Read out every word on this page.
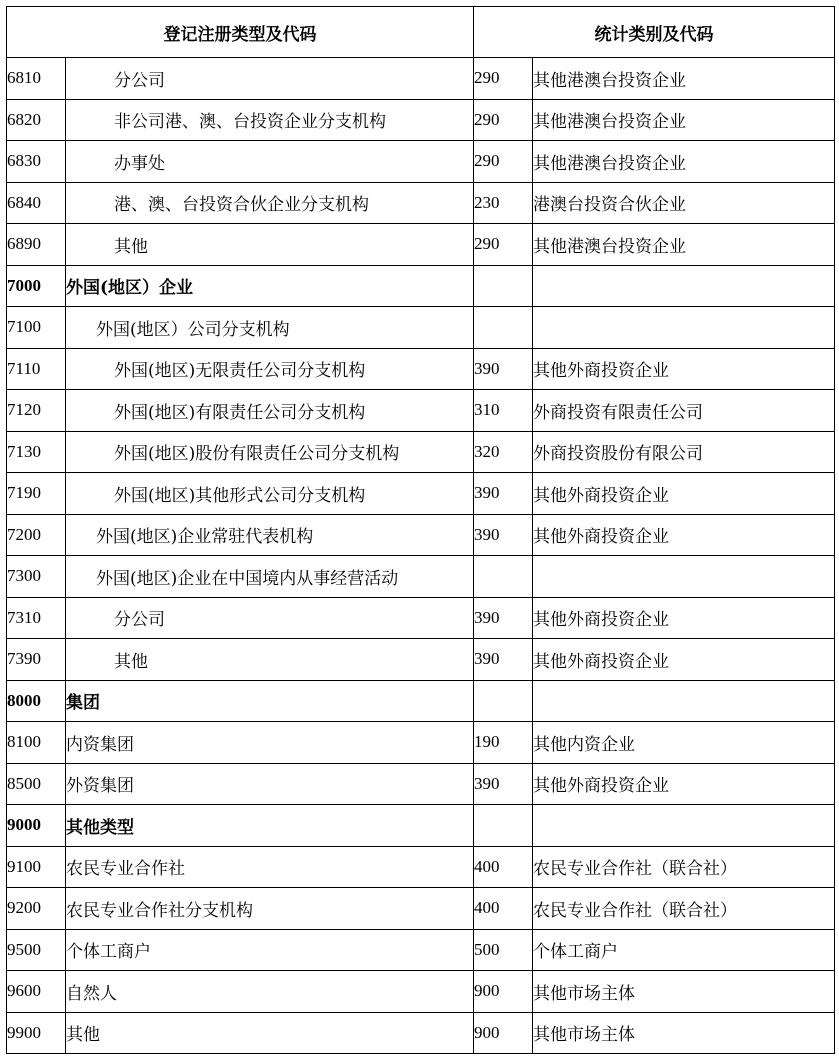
登记注册类型及代码		统计类别及代码	
6810	分公司	290	其他港澳台投资企业
6820	非公司港、澳、台投资企业分支机构	290	其他港澳台投资企业
6830	办事处	290	其他港澳台投资企业
6840	港、澳、台投资合伙企业分支机构	230	港澳台投资合伙企业
6890	其他	290	其他港澳台投资企业
7000	外国(地区）企业		
7100	外国(地区）公司分支机构		
7110	外国(地区)无限责任公司分支机构	390	其他外商投资企业
7120	外国(地区)有限责任公司分支机构	310	外商投资有限责任公司
7130	外国(地区)股份有限责任公司分支机构	320	外商投资股份有限公司
7190	外国(地区)其他形式公司分支机构	390	其他外商投资企业
7200	外国(地区)企业常驻代表机构	390	其他外商投资企业
7300	外国(地区)企业在中国境内从事经营活动		
7310	分公司	390	其他外商投资企业
7390	其他	390	其他外商投资企业
8000	集团		
8100	内资集团	190	其他内资企业
8500	外资集团	390	其他外商投资企业
9000	其他类型		
9100	农民专业合作社	400	农民专业合作社（联合社）
9200	农民专业合作社分支机构	400	农民专业合作社（联合社）
9500	个体工商户	500	个体工商户
9600	自然人	900	其他市场主体
9900	其他	900	其他市场主体
